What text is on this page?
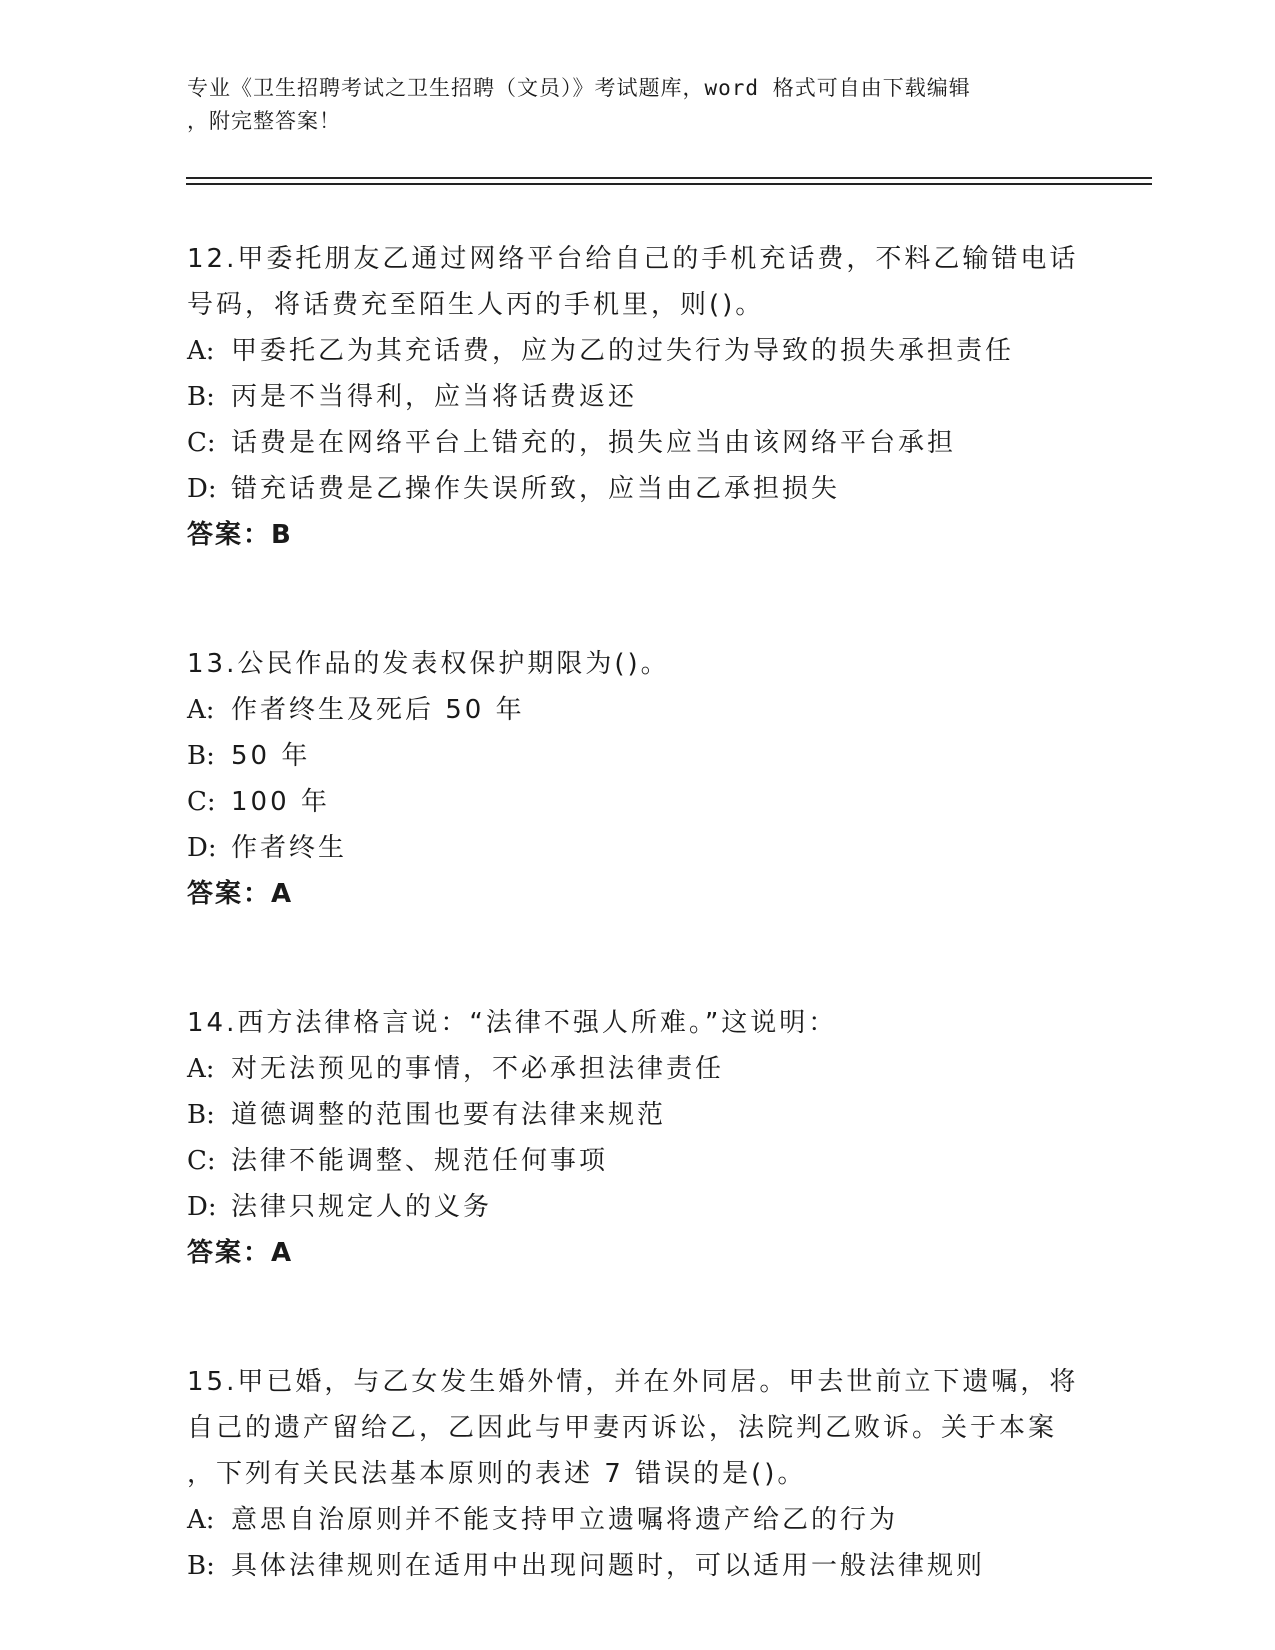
专业《卫生招聘考试之卫生招聘（文员）》考试题库，word 格式可自由下载编辑
，附完整答案！
12.甲委托朋友乙通过网络平台给自己的手机充话费，不料乙输错电话
号码，将话费充至陌生人丙的手机里，则()。
A: 甲委托乙为其充话费，应为乙的过失行为导致的损失承担责任
B: 丙是不当得利，应当将话费返还
C: 话费是在网络平台上错充的，损失应当由该网络平台承担
D: 错充话费是乙操作失误所致，应当由乙承担损失
答案：B
13.公民作品的发表权保护期限为()。
A: 作者终生及死后 50 年
B: 50 年
C: 100 年
D: 作者终生
答案：A
14.西方法律格言说：“法律不强人所难。”这说明：
A: 对无法预见的事情，不必承担法律责任
B: 道德调整的范围也要有法律来规范
C: 法律不能调整、规范任何事项
D: 法律只规定人的义务
答案：A
15.甲已婚，与乙女发生婚外情，并在外同居。甲去世前立下遗嘱，将
自己的遗产留给乙，乙因此与甲妻丙诉讼，法院判乙败诉。关于本案
，下列有关民法基本原则的表述 7 错误的是()。
A: 意思自治原则并不能支持甲立遗嘱将遗产给乙的行为
B: 具体法律规则在适用中出现问题时，可以适用一般法律规则
